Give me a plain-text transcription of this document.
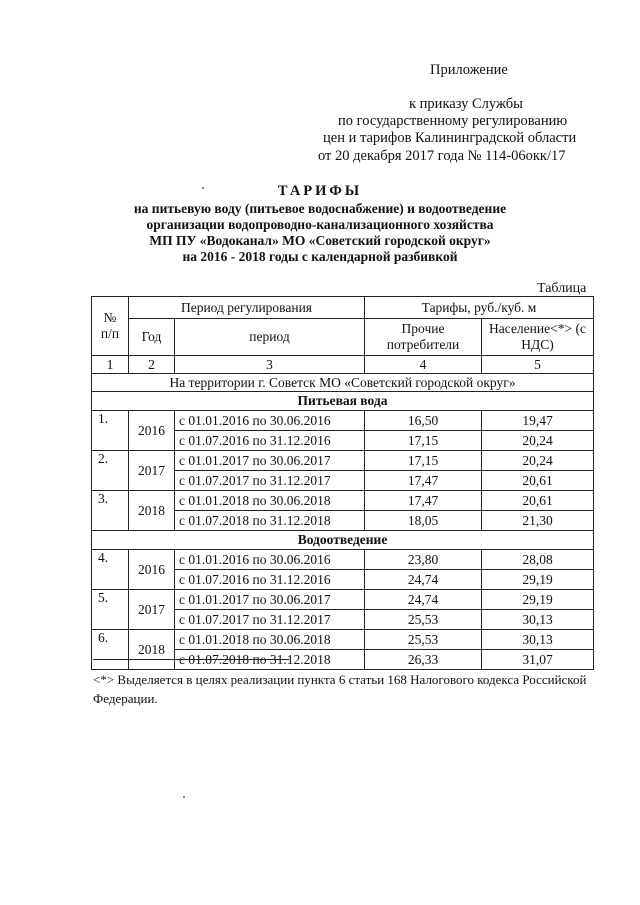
Приложение
к приказу Службы
по государственному регулированию
цен и тарифов Калининградской области
от 20 декабря 2017 года № 114-06окк/17
ТАРИФЫ
на питьевую воду (питьевое водоснабжение) и водоотведение
организации водопроводно-канализационного хозяйства
МП ПУ «Водоканал» МО «Советский городской округ»
на 2016 - 2018 годы с календарной разбивкой
Таблица
№ п/п	Период регулирования		Тарифы, руб./куб. м	
	Год	период	Прочие потребители	Население<*> (с НДС)
1	2	3	4	5
На территории г. Советск МО «Советский городской округ»				
Питьевая вода				
1.	2016	с 01.01.2016 по 30.06.2016	16,50	19,47
		с 01.07.2016 по 31.12.2016	17,15	20,24
2.	2017	с 01.01.2017 по 30.06.2017	17,15	20,24
		с 01.07.2017 по 31.12.2017	17,47	20,61
3.	2018	с 01.01.2018 по 30.06.2018	17,47	20,61
		с 01.07.2018 по 31.12.2018	18,05	21,30
Водоотведение				
4.	2016	с 01.01.2016 по 30.06.2016	23,80	28,08
		с 01.07.2016 по 31.12.2016	24,74	29,19
5.	2017	с 01.01.2017 по 30.06.2017	24,74	29,19
		с 01.07.2017 по 31.12.2017	25,53	30,13
6.	2018	с 01.01.2018 по 30.06.2018	25,53	30,13
		с 01.07.2018 по 31.12.2018	26,33	31,07
<*> Выделяется в целях реализации пункта 6 статьи 168 Налогового кодекса Российской Федерации.
